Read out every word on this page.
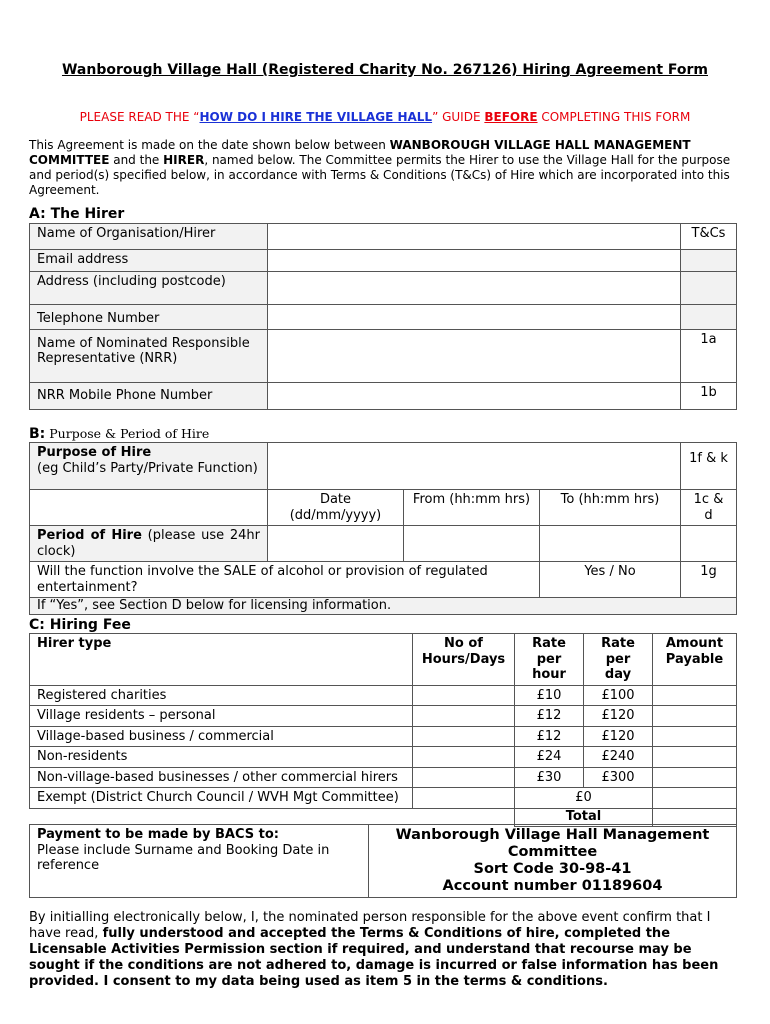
Wanborough Village Hall (Registered Charity No. 267126) Hiring Agreement Form
PLEASE READ THE “HOW DO I HIRE THE VILLAGE HALL” GUIDE BEFORE COMPLETING THIS FORM
This Agreement is made on the date shown below between WANBOROUGH VILLAGE HALL MANAGEMENT COMMITTEE and the HIRER, named below. The Committee permits the Hirer to use the Village Hall for the purpose and period(s) specified below, in accordance with Terms & Conditions (T&Cs) of Hire which are incorporated into this Agreement.
A: The Hirer
Name of Organisation/Hirer		T&Cs
Email address		
Address (including postcode)		
Telephone Number		
Name of Nominated Responsible Representative (NRR)		1a
NRR Mobile Phone Number		1b
B: Purpose & Period of Hire
Purpose of Hire
(eg Child’s Party/Private Function)				1f & k
	Date (dd/mm/yyyy)	From (hh:mm hrs)	To (hh:mm hrs)	1c & d
Period of Hire (please use 24hr clock)				
Will the function involve the SALE of alcohol or provision of regulated entertainment?			Yes / No	1g
If “Yes”, see Section D below for licensing information.				
C: Hiring Fee
Hirer type	No of Hours/Days	Rate per hour	Rate per day	Amount Payable
Registered charities		£10	£100	
Village residents – personal		£12	£120	
Village-based business / commercial		£12	£120	
Non-residents		£24	£240	
Non-village-based businesses / other commercial hirers		£30	£300	
Exempt (District Church Council / WVH Mgt Committee)		£0		
		Total		
Payment to be made by BACS to:
Please include Surname and Booking Date in reference	
Wanborough Village Hall Management Committee
Sort Code 30-98-41
Account number 01189604
By initialling electronically below, I, the nominated person responsible for the above event confirm that I have read, fully understood and accepted the Terms & Conditions of hire, completed the Licensable Activities Permission section if required, and understand that recourse may be sought if the conditions are not adhered to, damage is incurred or false information has been provided. I consent to my data being used as item 5 in the terms & conditions.
